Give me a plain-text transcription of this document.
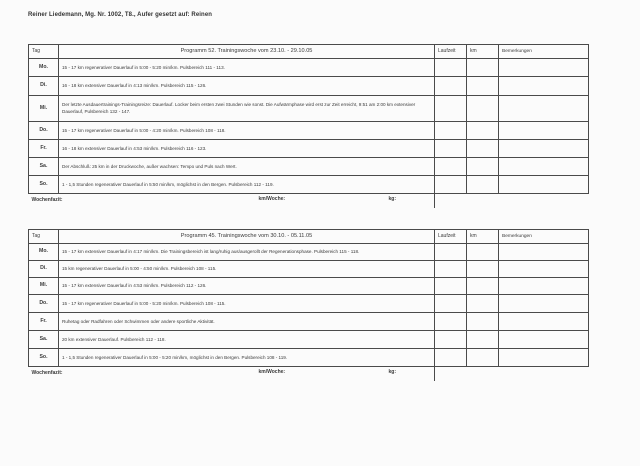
Reiner Liedemann, Mg. Nr. 1002, T8., Aufer gesetzt auf: Reinen
Tag	Programm 52. Trainingswoche vom 23.10. - 29.10.05	Laufzeit	km	Bemerkungen
Mo.	15 - 17 km regenerativer Dauerlauf in 5:00 - 5:20 min/km. Pulsbereich 111 - 113.			
Di.	16 - 18 km extensiver Dauerlauf in 4:13 min/km. Pulsbereich 115 - 126.			
Mi.	Der letzte Ausdauertrainings-Trainingsreize: Dauerlauf. Locker beim ersten zwei Stunden wie sonst. Die Aufwärmphase wird erst zur Zeit erreicht, 9:51 am 2:00 km extensiver Dauerlauf, Pulsbereich 132 - 147.			
Do.	15 - 17 km regenerativer Dauerlauf in 5:00 - 4:20 min/km. Pulsbereich 108 - 118.			
Fr.	16 - 18 km extensiver Dauerlauf in 4:53 min/km. Pulsbereich 116 - 123.			
Sa.	Der Abschluß: 25 km in der Druckwoche, außer wachsen: Tempo und Puls nach Wert.			
So.	1 - 1,5 Stunden regenerativer Dauerlauf in 5:50 min/km, möglichst in den Bergen. Pulsbereich 112 - 119.			
Wochenfazit:	km/Woche: kg:			

Tag	Programm 45. Trainingswoche vom 30.10. - 05.11.05	Laufzeit	km	Bemerkungen
Mo.	15 - 17 km extensiver Dauerlauf in 4:17 min/km. Die Trainingsbereich ist lang/ruhig aus/ausgerollt der Regenerationsphase. Pulsbereich 115 - 118.			
Di.	15 km regenerativer Dauerlauf in 5:00 - 4:50 min/km. Pulsbereich 108 - 115.			
Mi.	15 - 17 km extensiver Dauerlauf in 4:53 min/km. Pulsbereich 112 - 126.			
Do.	15 - 17 km regenerativer Dauerlauf in 5:00 - 5:20 min/km. Pulsbereich 108 - 115.			
Fr.	Ruhetag oder Radfahren oder Schwimmen oder andere sportliche Aktivität.			
Sa.	20 km extensiver Dauerlauf. Pulsbereich 112 - 118.			
So.	1 - 1,5 Stunden regenerativer Dauerlauf in 5:00 - 5:20 min/km, möglichst in den Bergen. Pulsbereich 108 - 119.			
Wochenfazit:	km/Woche: kg:			
